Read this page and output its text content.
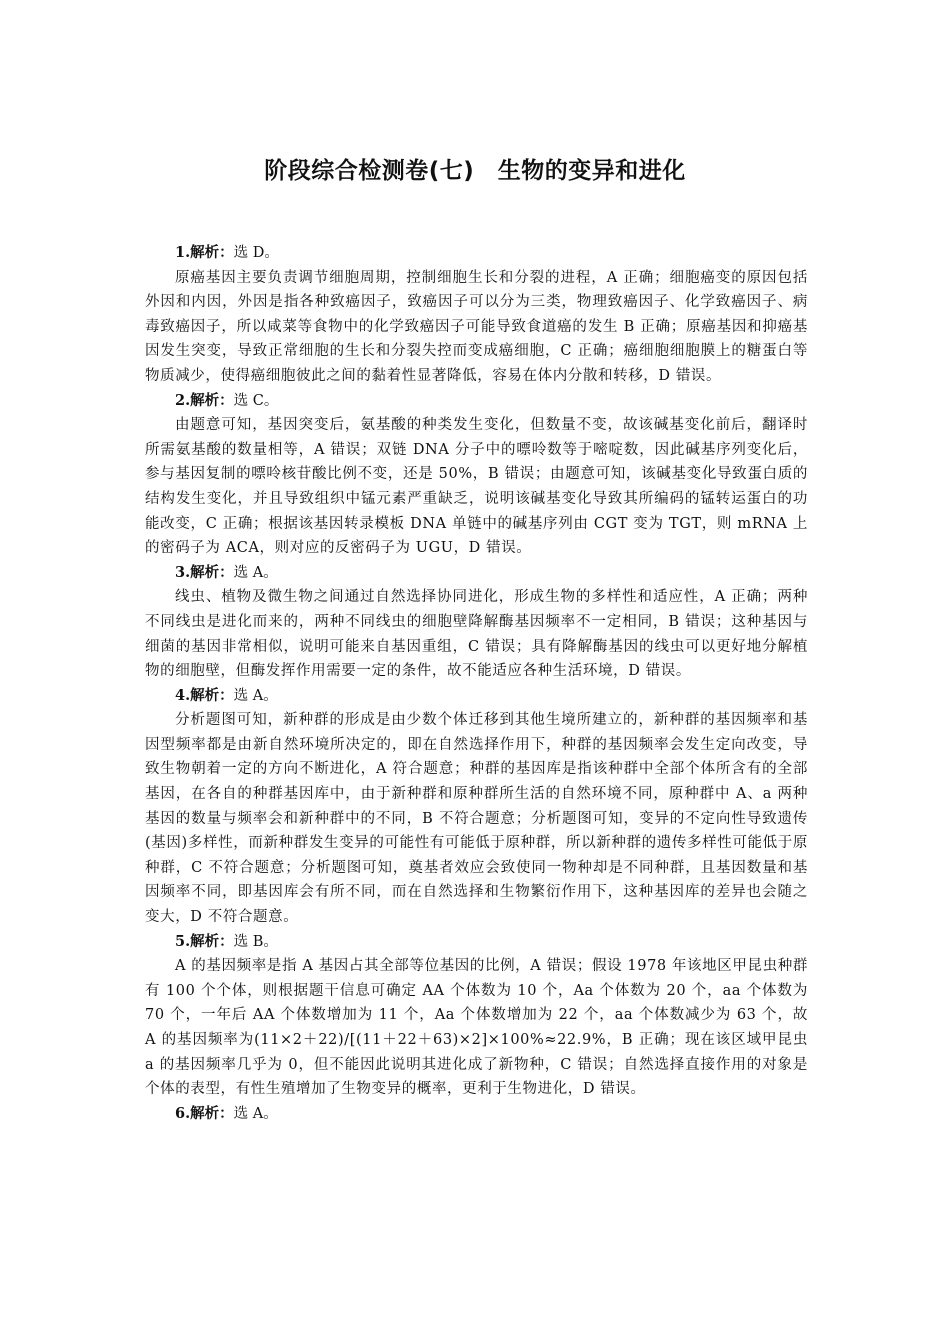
阶段综合检测卷(七)　生物的变异和进化

1.解析：选 D。

原癌基因主要负责调节细胞周期，控制细胞生长和分裂的进程，A 正确；细胞癌变的原因包括外因和内因，外因是指各种致癌因子，致癌因子可以分为三类，物理致癌因子、化学致癌因子、病毒致癌因子，所以咸菜等食物中的化学致癌因子可能导致食道癌的发生 B 正确；原癌基因和抑癌基因发生突变，导致正常细胞的生长和分裂失控而变成癌细胞，C 正确；癌细胞细胞膜上的糖蛋白等物质减少，使得癌细胞彼此之间的黏着性显著降低，容易在体内分散和转移，D 错误。

2.解析：选 C。

由题意可知，基因突变后，氨基酸的种类发生变化，但数量不变，故该碱基变化前后，翻译时所需氨基酸的数量相等，A 错误；双链 DNA 分子中的嘌呤数等于嘧啶数，因此碱基序列变化后，参与基因复制的嘌呤核苷酸比例不变，还是 50%，B 错误；由题意可知，该碱基变化导致蛋白质的结构发生变化，并且导致组织中锰元素严重缺乏，说明该碱基变化导致其所编码的锰转运蛋白的功能改变，C 正确；根据该基因转录模板 DNA 单链中的碱基序列由 CGT 变为 TGT，则 mRNA 上的密码子为 ACA，则对应的反密码子为 UGU，D 错误。

3.解析：选 A。

线虫、植物及微生物之间通过自然选择协同进化，形成生物的多样性和适应性，A 正确；两种不同线虫是进化而来的，两种不同线虫的细胞壁降解酶基因频率不一定相同，B 错误；这种基因与细菌的基因非常相似，说明可能来自基因重组，C 错误；具有降解酶基因的线虫可以更好地分解植物的细胞壁，但酶发挥作用需要一定的条件，故不能适应各种生活环境，D 错误。

4.解析：选 A。

分析题图可知，新种群的形成是由少数个体迁移到其他生境所建立的，新种群的基因频率和基因型频率都是由新自然环境所决定的，即在自然选择作用下，种群的基因频率会发生定向改变，导致生物朝着一定的方向不断进化，A 符合题意；种群的基因库是指该种群中全部个体所含有的全部基因，在各自的种群基因库中，由于新种群和原种群所生活的自然环境不同，原种群中 A、a 两种基因的数量与频率会和新种群中的不同，B 不符合题意；分析题图可知，变异的不定向性导致遗传(基因)多样性，而新种群发生变异的可能性有可能低于原种群，所以新种群的遗传多样性可能低于原种群，C 不符合题意；分析题图可知，奠基者效应会致使同一物种却是不同种群，且基因数量和基因频率不同，即基因库会有所不同，而在自然选择和生物繁衍作用下，这种基因库的差异也会随之变大，D 不符合题意。

5.解析：选 B。

A 的基因频率是指 A 基因占其全部等位基因的比例，A 错误；假设 1978 年该地区甲昆虫种群有 100 个个体，则根据题干信息可确定 AA 个体数为 10 个，Aa 个体数为 20 个，aa 个体数为 70 个，一年后 AA 个体数增加为 11 个，Aa 个体数增加为 22 个，aa 个体数减少为 63 个，故 A 的基因频率为(11×2＋22)/[(11＋22＋63)×2]×100%≈22.9%，B 正确；现在该区域甲昆虫 a 的基因频率几乎为 0，但不能因此说明其进化成了新物种，C 错误；自然选择直接作用的对象是个体的表型，有性生殖增加了生物变异的概率，更利于生物进化，D 错误。

6.解析：选 A。
